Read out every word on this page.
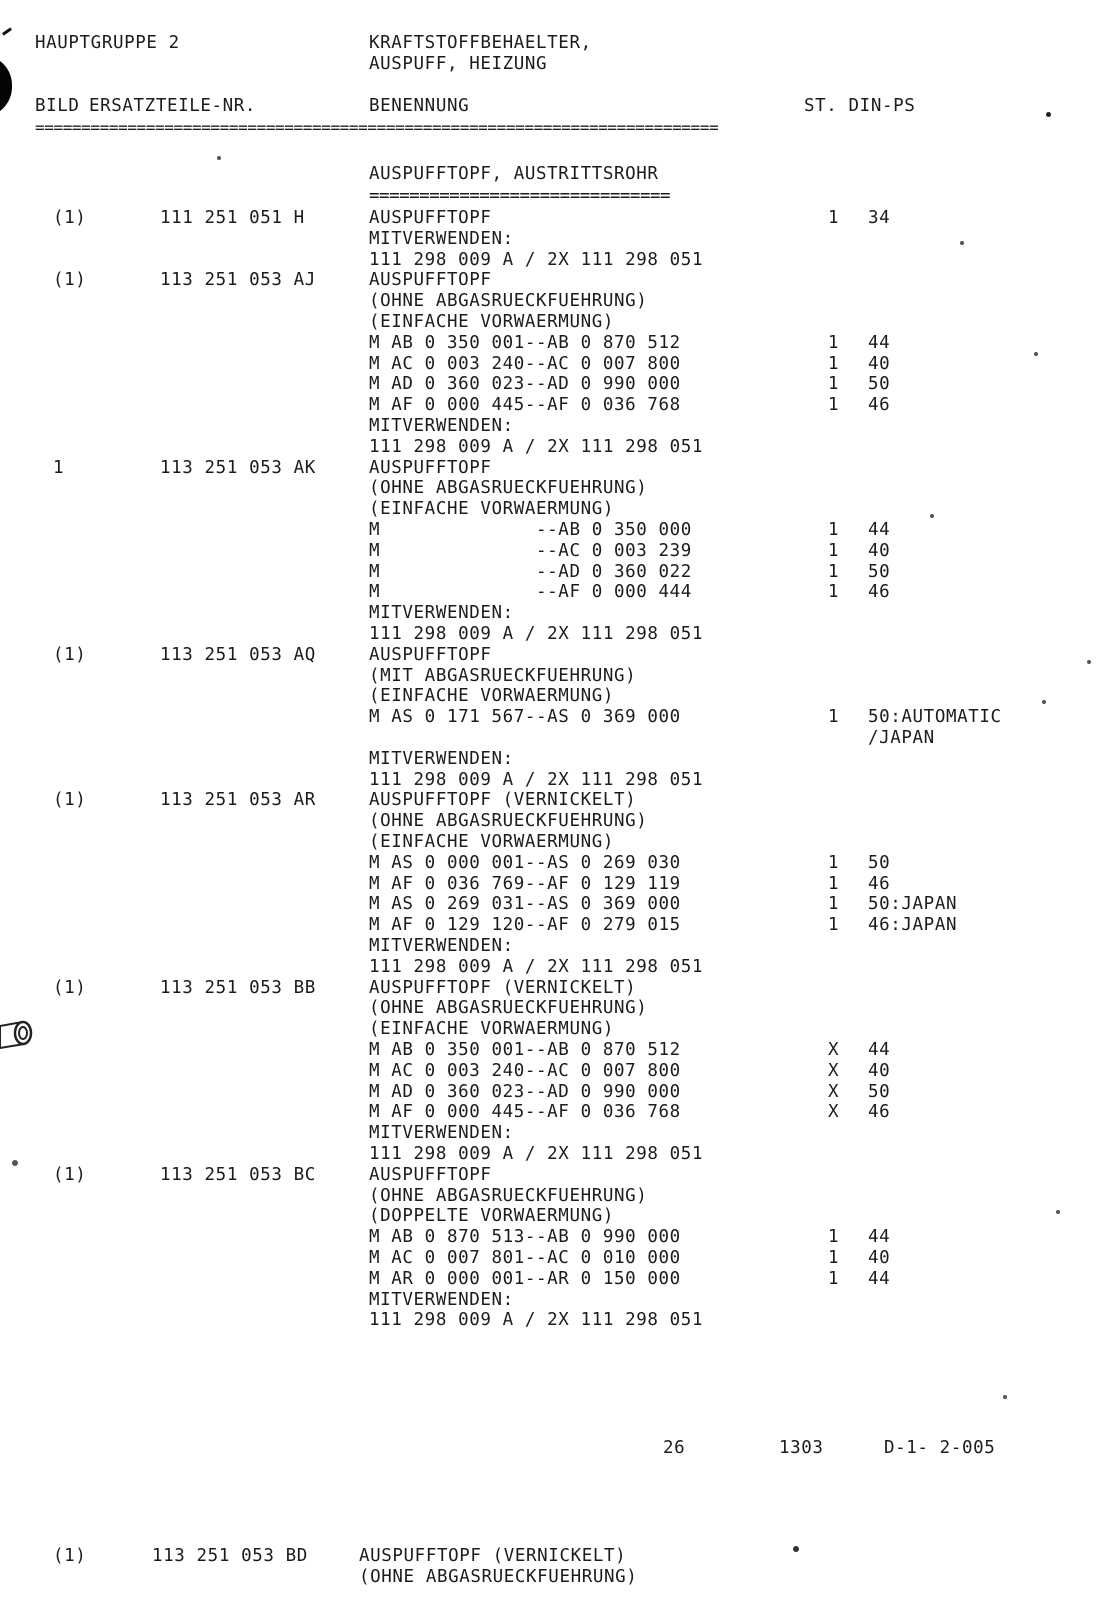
HAUPTGRUPPE 2	KRAFTSTOFFBEHAELTER,
AUSPUFF, HEIZUNG
BILD ERSATZTEILE-NR.	BENENNUNG	ST. DIN-PS
==========================================================================
AUSPUFFTOPF, AUSTRITTSROHR
==============================
(1)	111 251 051 H	AUSPUFFTOPF	1 34
MITVERWENDEN:
111 298 009 A / 2X 111 298 051
(1)	113 251 053 AJ	AUSPUFFTOPF
(OHNE ABGASRUECKFUEHRUNG)
(EINFACHE VORWAERMUNG)
M AB 0 350 001--AB 0 870 512	1 44
M AC 0 003 240--AC 0 007 800	1 40
M AD 0 360 023--AD 0 990 000	1 50
M AF 0 000 445--AF 0 036 768	1 46
MITVERWENDEN:
111 298 009 A / 2X 111 298 051
1	113 251 053 AK	AUSPUFFTOPF
(OHNE ABGASRUECKFUEHRUNG)
(EINFACHE VORWAERMUNG)
M              --AB 0 350 000	1 44
M              --AC 0 003 239	1 40
M              --AD 0 360 022	1 50
M              --AF 0 000 444	1 46
MITVERWENDEN:
111 298 009 A / 2X 111 298 051
(1)	113 251 053 AQ	AUSPUFFTOPF
(MIT ABGASRUECKFUEHRUNG)
(EINFACHE VORWAERMUNG)
M AS 0 171 567--AS 0 369 000	1 50:AUTOMATIC
/JAPAN
MITVERWENDEN:
111 298 009 A / 2X 111 298 051
(1)	113 251 053 AR	AUSPUFFTOPF (VERNICKELT)
(OHNE ABGASRUECKFUEHRUNG)
(EINFACHE VORWAERMUNG)
M AS 0 000 001--AS 0 269 030	1 50
M AF 0 036 769--AF 0 129 119	1 46
M AS 0 269 031--AS 0 369 000	1 50:JAPAN
M AF 0 129 120--AF 0 279 015	1 46:JAPAN
MITVERWENDEN:
111 298 009 A / 2X 111 298 051
(1)	113 251 053 BB	AUSPUFFTOPF (VERNICKELT)
(OHNE ABGASRUECKFUEHRUNG)
(EINFACHE VORWAERMUNG)
M AB 0 350 001--AB 0 870 512	X 44
M AC 0 003 240--AC 0 007 800	X 40
M AD 0 360 023--AD 0 990 000	X 50
M AF 0 000 445--AF 0 036 768	X 46
MITVERWENDEN:
111 298 009 A / 2X 111 298 051
(1)	113 251 053 BC	AUSPUFFTOPF
(OHNE ABGASRUECKFUEHRUNG)
(DOPPELTE VORWAERMUNG)
M AB 0 870 513--AB 0 990 000	1 44
M AC 0 007 801--AC 0 010 000	1 40
M AR 0 000 001--AR 0 150 000	1 44
MITVERWENDEN:
111 298 009 A / 2X 111 298 051
26	1303	D-1- 2-005
(1)	113 251 053 BD	AUSPUFFTOPF (VERNICKELT)
(OHNE ABGASRUECKFUEHRUNG)
